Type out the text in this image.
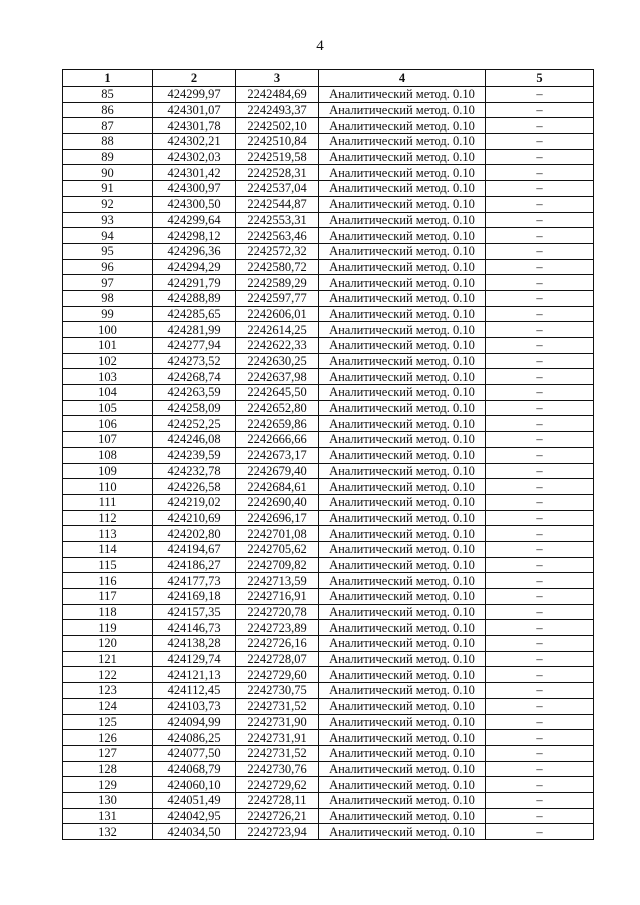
4
1	2	3	4	5
85	424299,97	2242484,69	Аналитический метод. 0.10	–
86	424301,07	2242493,37	Аналитический метод. 0.10	–
87	424301,78	2242502,10	Аналитический метод. 0.10	–
88	424302,21	2242510,84	Аналитический метод. 0.10	–
89	424302,03	2242519,58	Аналитический метод. 0.10	–
90	424301,42	2242528,31	Аналитический метод. 0.10	–
91	424300,97	2242537,04	Аналитический метод. 0.10	–
92	424300,50	2242544,87	Аналитический метод. 0.10	–
93	424299,64	2242553,31	Аналитический метод. 0.10	–
94	424298,12	2242563,46	Аналитический метод. 0.10	–
95	424296,36	2242572,32	Аналитический метод. 0.10	–
96	424294,29	2242580,72	Аналитический метод. 0.10	–
97	424291,79	2242589,29	Аналитический метод. 0.10	–
98	424288,89	2242597,77	Аналитический метод. 0.10	–
99	424285,65	2242606,01	Аналитический метод. 0.10	–
100	424281,99	2242614,25	Аналитический метод. 0.10	–
101	424277,94	2242622,33	Аналитический метод. 0.10	–
102	424273,52	2242630,25	Аналитический метод. 0.10	–
103	424268,74	2242637,98	Аналитический метод. 0.10	–
104	424263,59	2242645,50	Аналитический метод. 0.10	–
105	424258,09	2242652,80	Аналитический метод. 0.10	–
106	424252,25	2242659,86	Аналитический метод. 0.10	–
107	424246,08	2242666,66	Аналитический метод. 0.10	–
108	424239,59	2242673,17	Аналитический метод. 0.10	–
109	424232,78	2242679,40	Аналитический метод. 0.10	–
110	424226,58	2242684,61	Аналитический метод. 0.10	–
111	424219,02	2242690,40	Аналитический метод. 0.10	–
112	424210,69	2242696,17	Аналитический метод. 0.10	–
113	424202,80	2242701,08	Аналитический метод. 0.10	–
114	424194,67	2242705,62	Аналитический метод. 0.10	–
115	424186,27	2242709,82	Аналитический метод. 0.10	–
116	424177,73	2242713,59	Аналитический метод. 0.10	–
117	424169,18	2242716,91	Аналитический метод. 0.10	–
118	424157,35	2242720,78	Аналитический метод. 0.10	–
119	424146,73	2242723,89	Аналитический метод. 0.10	–
120	424138,28	2242726,16	Аналитический метод. 0.10	–
121	424129,74	2242728,07	Аналитический метод. 0.10	–
122	424121,13	2242729,60	Аналитический метод. 0.10	–
123	424112,45	2242730,75	Аналитический метод. 0.10	–
124	424103,73	2242731,52	Аналитический метод. 0.10	–
125	424094,99	2242731,90	Аналитический метод. 0.10	–
126	424086,25	2242731,91	Аналитический метод. 0.10	–
127	424077,50	2242731,52	Аналитический метод. 0.10	–
128	424068,79	2242730,76	Аналитический метод. 0.10	–
129	424060,10	2242729,62	Аналитический метод. 0.10	–
130	424051,49	2242728,11	Аналитический метод. 0.10	–
131	424042,95	2242726,21	Аналитический метод. 0.10	–
132	424034,50	2242723,94	Аналитический метод. 0.10	–
